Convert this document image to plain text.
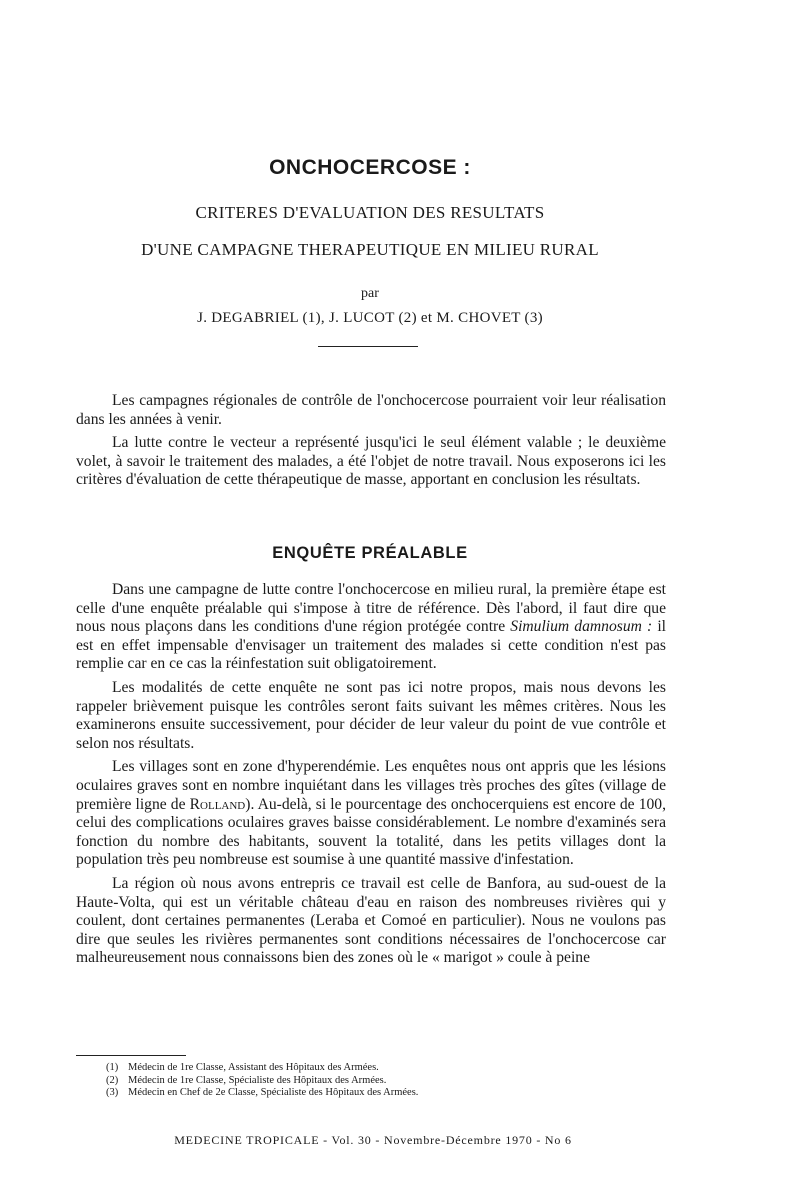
ONCHOCERCOSE :
CRITERES D'EVALUATION DES RESULTATS
D'UNE CAMPAGNE THERAPEUTIQUE EN MILIEU RURAL
par
J. DEGABRIEL (1), J. LUCOT (2) et M. CHOVET (3)

Les campagnes régionales de contrôle de l'onchocercose pourraient voir leur réalisation dans les années à venir.

La lutte contre le vecteur a représenté jusqu'ici le seul élément valable ; le deuxième volet, à savoir le traitement des malades, a été l'objet de notre travail. Nous exposerons ici les critères d'évaluation de cette thérapeutique de masse, apportant en conclusion les résultats.

ENQUÊTE PRÉALABLE

Dans une campagne de lutte contre l'onchocercose en milieu rural, la première étape est celle d'une enquête préalable qui s'impose à titre de référence. Dès l'abord, il faut dire que nous nous plaçons dans les conditions d'une région protégée contre Simulium damnosum : il est en effet impensable d'envisager un traitement des malades si cette condition n'est pas remplie car en ce cas la réinfestation suit obligatoirement.

Les modalités de cette enquête ne sont pas ici notre propos, mais nous devons les rappeler brièvement puisque les contrôles seront faits suivant les mêmes critères. Nous les examinerons ensuite successivement, pour décider de leur valeur du point de vue contrôle et selon nos résultats.

Les villages sont en zone d'hyperendémie. Les enquêtes nous ont appris que les lésions oculaires graves sont en nombre inquiétant dans les villages très proches des gîtes (village de première ligne de Rolland). Au-delà, si le pourcentage des onchocerquiens est encore de 100, celui des complications oculaires graves baisse considérablement. Le nombre d'examinés sera fonction du nombre des habitants, souvent la totalité, dans les petits villages dont la population très peu nombreuse est soumise à une quantité massive d'infestation.

La région où nous avons entrepris ce travail est celle de Banfora, au sud-ouest de la Haute-Volta, qui est un véritable château d'eau en raison des nombreuses rivières qui y coulent, dont certaines permanentes (Leraba et Comoé en particulier). Nous ne voulons pas dire que seules les rivières permanentes sont conditions nécessaires de l'onchocercose car malheureusement nous connaissons bien des zones où le « marigot » coule à peine

(1) Médecin de 1re Classe, Assistant des Hôpitaux des Armées.
(2) Médecin de 1re Classe, Spécialiste des Hôpitaux des Armées.
(3) Médecin en Chef de 2e Classe, Spécialiste des Hôpitaux des Armées.
MEDECINE TROPICALE - Vol. 30 - Novembre-Décembre 1970 - No 6
